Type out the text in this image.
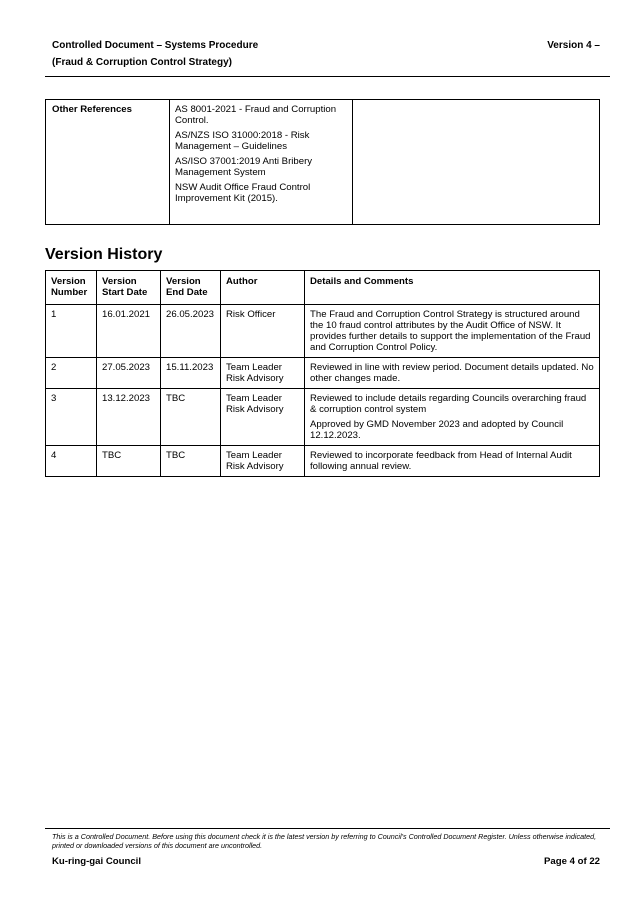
Controlled Document – Systems Procedure	Version 4 –
(Fraud & Corruption Control Strategy)
Other References	AS 8001-2021 - Fraud and Corruption Control.
AS/NZS ISO 31000:2018 - Risk Management – Guidelines
AS/ISO 37001:2019 Anti Bribery Management System
NSW Audit Office Fraud Control Improvement Kit (2015).

Version History
Version Number	Version Start Date	Version End Date	Author	Details and Comments
1	16.01.2021	26.05.2023	Risk Officer	The Fraud and Corruption Control Strategy is structured around the 10 fraud control attributes by the Audit Office of NSW. It provides further details to support the implementation of the Fraud and Corruption Control Policy.

2	27.05.2023	15.11.2023	Team Leader Risk Advisory	Reviewed in line with review period. Document details updated. No other changes made.

3	13.12.2023	TBC	Team Leader Risk Advisory	Reviewed to include details regarding Councils overarching fraud & corruption control system

Approved by GMD November 2023 and adopted by Council 12.12.2023.

4	TBC	TBC	Team Leader Risk Advisory	Reviewed to incorporate feedback from Head of Internal Audit following annual review.

This is a Controlled Document. Before using this document check it is the latest version by referring to Council’s Controlled Document Register. Unless otherwise indicated, printed or downloaded versions of this document are uncontrolled.
Ku-ring-gai Council	Page 4 of 22
